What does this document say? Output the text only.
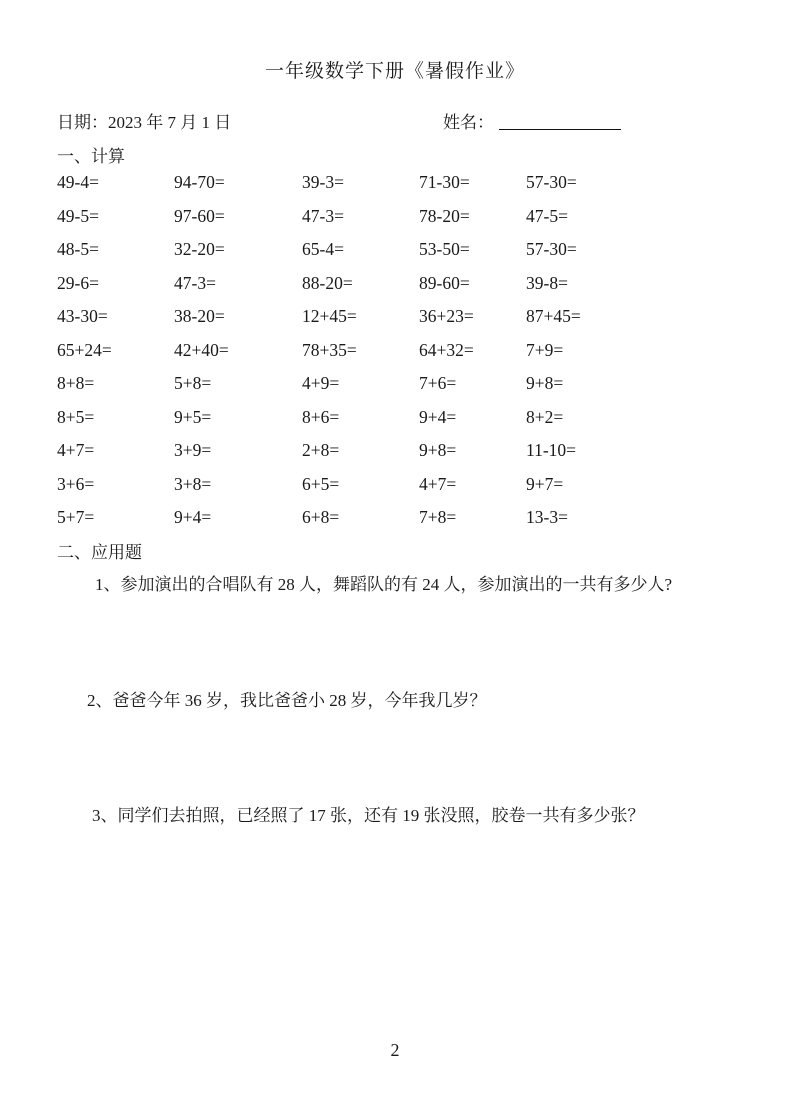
一年级数学下册《暑假作业》
日期：2023 年 7 月 1 日	姓名：
一、计算
49-4=	94-70=	39-3=	71-30=	57-30=
49-5=	97-60=	47-3=	78-20=	47-5=
48-5=	32-20=	65-4=	53-50=	57-30=
29-6=	47-3=	88-20=	89-60=	39-8=
43-30=	38-20=	12+45=	36+23=	87+45=
65+24=	42+40=	78+35=	64+32=	7+9=
8+8=	5+8=	4+9=	7+6=	9+8=
8+5=	9+5=	8+6=	9+4=	8+2=
4+7=	3+9=	2+8=	9+8=	11-10=
3+6=	3+8=	6+5=	4+7=	9+7=
5+7=	9+4=	6+8=	7+8=	13-3=
二、应用题
1、参加演出的合唱队有 28 人，舞蹈队的有 24 人，参加演出的一共有多少人?
2、爸爸今年 36 岁，我比爸爸小 28 岁，今年我几岁？
3、同学们去拍照，已经照了 17 张，还有 19 张没照，胶卷一共有多少张？
2
